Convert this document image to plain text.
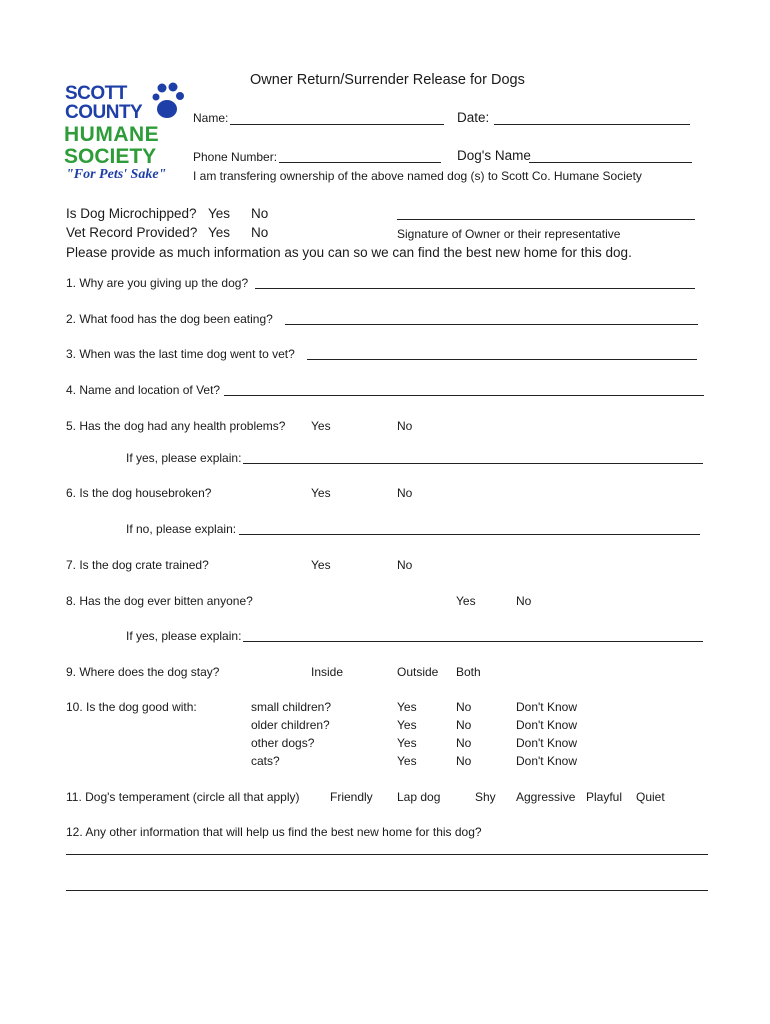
Owner Return/Surrender Release for Dogs
SCOTT
COUNTY
HUMANE
SOCIETY
"For Pets' Sake"
Name:	Date:
Phone Number:	Dog's Name
I am transfering ownership of the above named dog (s) to Scott Co. Humane Society
Is Dog Microchipped? Yes No
Vet Record Provided? Yes No	Signature of Owner or their representative
Please provide as much information as you can so we can find the best new home for this dog.
1. Why are you giving up the dog?
2. What food has the dog been eating?
3. When was the last time dog went to vet?
4. Name and location of Vet?
5. Has the dog had any health problems? Yes	No
If yes, please explain:
6. Is the dog housebroken?	Yes	No
If no, please explain:
7. Is the dog crate trained?	Yes	No
8. Has the dog ever bitten anyone?	Yes	No
If yes, please explain:
9. Where does the dog stay?	Inside	Outside Both
10. Is the dog good with:	small children?	Yes	No	Don't Know
older children?	Yes	No	Don't Know
other dogs?	Yes	No	Don't Know
cats?	Yes	No	Don't Know
11. Dog's temperament (circle all that apply)	Friendly Lap dog	Shy Aggressive Playful Quiet
12. Any other information that will help us find the best new home for this dog?
